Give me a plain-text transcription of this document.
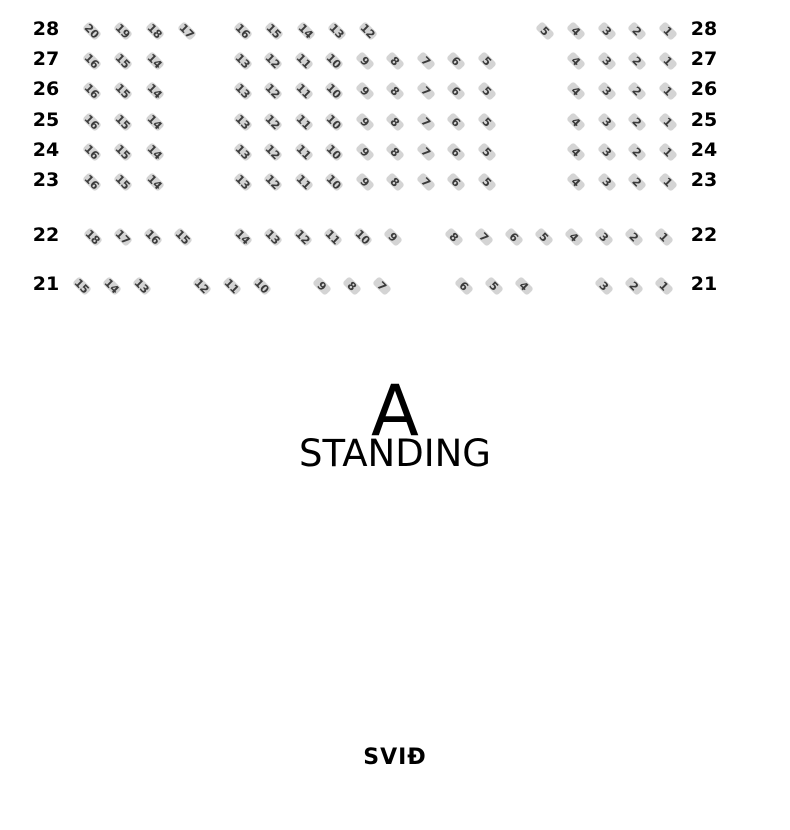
28	28
20 19 18 17	16 15 14 13 12	5 4 3 2 1
27	27
16 15 14	13 12 11 10 9 8 7 6 5	4 3 2 1
26	26
16 15 14	13 12 11 10 9 8 7 6 5	4 3 2 1
25	25
16 15 14	13 12 11 10 9 8 7 6 5	4 3 2 1
24	24
16 15 14	13 12 11 10 9 8 7 6 5	4 3 2 1
23	23
16 15 14	13 12 11 10 9 8 7 6 5	4 3 2 1
22	22
18 17 16 15	14 13 12 11 10 9	8 7 6 5 4 3 2 1
21	21
15 14 13	12 11 10	9 8 7	6 5 4	3 2 1
A
STANDING
SVIÐ
